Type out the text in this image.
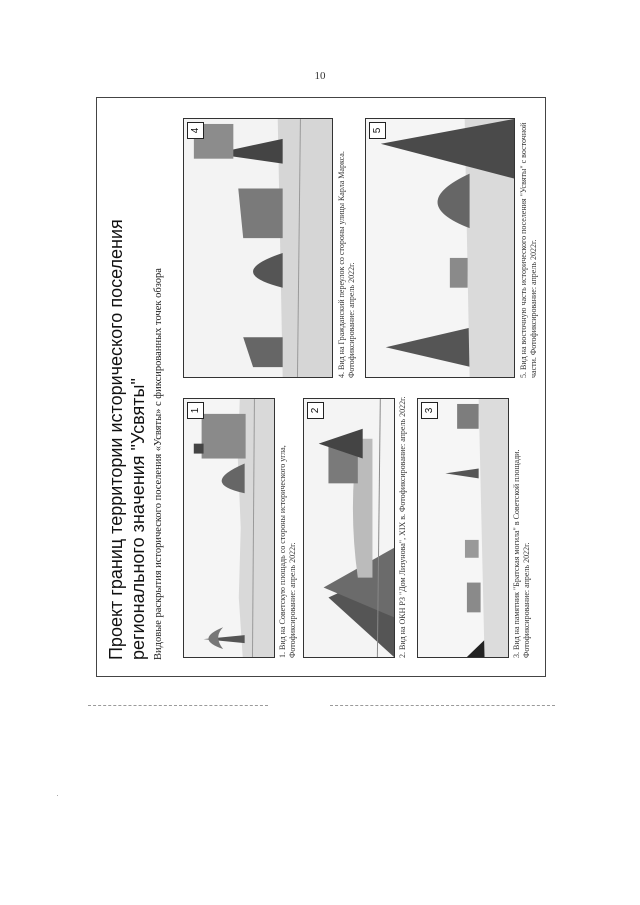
10
Проект границ территории исторического поселения регионального значения "Усвяты" Видовые раскрытия исторического поселения «Усвяты» с фиксированных точек обзора	1
1. Вид на Советскую площадь со стороны исторического угла, Фотофиксирование: апрель 2022г.
2	2. Вид на ОКН РЗ "Дом Лизунова", XIX в. Фотофиксирование: апрель 2022г.	3
3. Вид на памятник "Братская могила" в Советской площади. Фотофиксирование: апрель 2022г.
4
4. Вид на Гражданский переулок со стороны улицы Карла Маркса. Фотофиксирование: апрель 2022г.
5	5. Вид на восточную часть исторического поселения "Усвяты" с восточной части. Фотофиксирование: апрель 2022г.
